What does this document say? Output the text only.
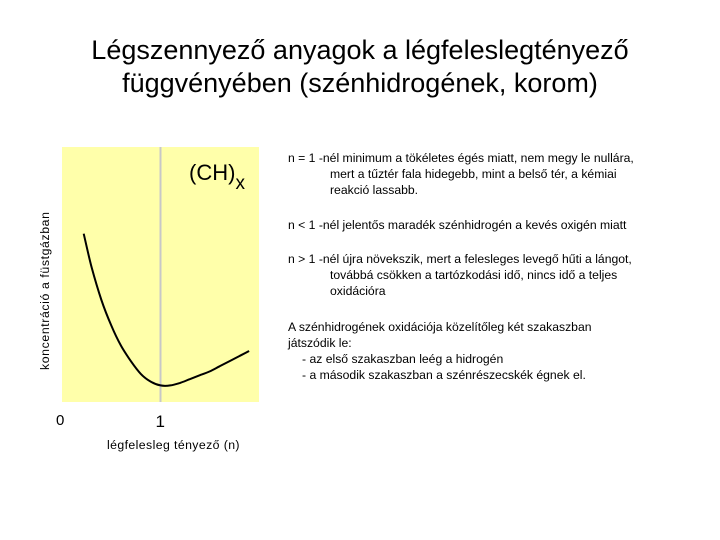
Légszennyező anyagok a légfeleslegtényező
függvényében (szénhidrogének, korom)
(CH)x
koncentráció a füstgázban
0	1
légfelesleg tényező (n)
n = 1 -nél minimum a tökéletes égés miatt, nem megy le nullára,
mert a tűztér fala hidegebb, mint a belső tér, a kémiai
reakció lassabb.
n < 1 -nél jelentős maradék szénhidrogén a kevés oxigén miatt
n > 1 -nél újra növekszik, mert a felesleges levegő hűti a lángot,
továbbá csökken a tartózkodási idő, nincs idő a teljes
oxidációra
A szénhidrogének oxidációja közelítőleg két szakaszban
játszódik le:
- az első szakaszban leég a hidrogén
- a második szakaszban a szénrészecskék égnek el.
